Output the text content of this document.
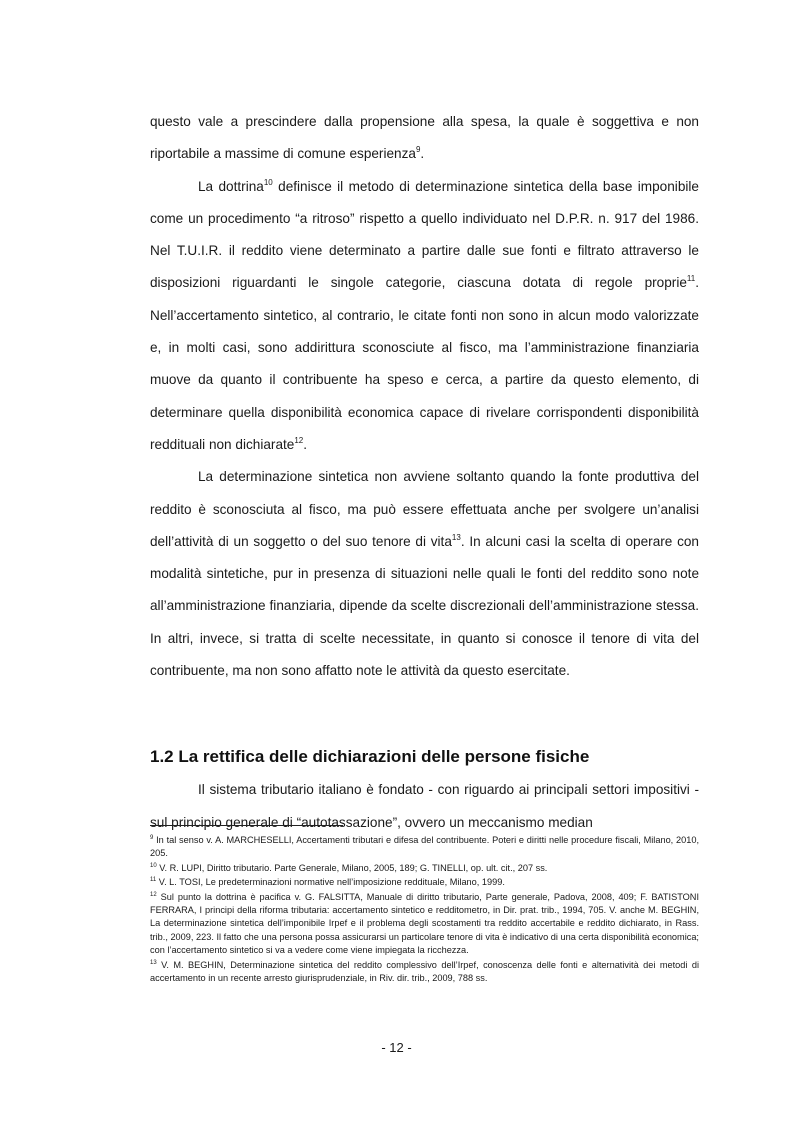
questo vale a prescindere dalla propensione alla spesa, la quale è soggettiva e non riportabile a massime di comune esperienza$^9$.

La dottrina$^{10}$ definisce il metodo di determinazione sintetica della base imponibile come un procedimento “a ritroso” rispetto a quello individuato nel D.P.R. n. 917 del 1986. Nel T.U.I.R. il reddito viene determinato a partire dalle sue fonti e filtrato attraverso le disposizioni riguardanti le singole categorie, ciascuna dotata di regole proprie$^{11}$. Nell’accertamento sintetico, al contrario, le citate fonti non sono in alcun modo valorizzate e, in molti casi, sono addirittura sconosciute al fisco, ma l’amministrazione finanziaria muove da quanto il contribuente ha speso e cerca, a partire da questo elemento, di determinare quella disponibilità economica capace di rivelare corrispondenti disponibilità reddituali non dichiarate$^{12}$.

La determinazione sintetica non avviene soltanto quando la fonte produttiva del reddito è sconosciuta al fisco, ma può essere effettuata anche per svolgere un’analisi dell’attività di un soggetto o del suo tenore di vita$^{13}$. In alcuni casi la scelta di operare con modalità sintetiche, pur in presenza di situazioni nelle quali le fonti del reddito sono note all’amministrazione finanziaria, dipende da scelte discrezionali dell’amministrazione stessa. In altri, invece, si tratta di scelte necessitate, in quanto si conosce il tenore di vita del contribuente, ma non sono affatto note le attività da questo esercitate.

1.2 La rettifica delle dichiarazioni delle persone fisiche

Il sistema tributario italiano è fondato - con riguardo ai principali settori impositivi - sul principio generale di “autotassazione”, ovvero un meccanismo median

$^9$ In tal senso v. A. MARCHESELLI, Accertamenti tributari e difesa del contribuente. Poteri e diritti nelle procedure fiscali, Milano, 2010, 205.

$^{10}$ V. R. LUPI, Diritto tributario. Parte Generale, Milano, 2005, 189; G. TINELLI, op. ult. cit., 207 ss.

$^{11}$ V. L. TOSI, Le predeterminazioni normative nell’imposizione reddituale, Milano, 1999.

$^{12}$ Sul punto la dottrina è pacifica v. G. FALSITTA, Manuale di diritto tributario, Parte generale, Padova, 2008, 409; F. BATISTONI FERRARA, I principi della riforma tributaria: accertamento sintetico e redditometro, in Dir. prat. trib., 1994, 705. V. anche M. BEGHIN, La determinazione sintetica dell’imponibile Irpef e il problema degli scostamenti tra reddito accertabile e reddito dichiarato, in Rass. trib., 2009, 223. Il fatto che una persona possa assicurarsi un particolare tenore di vita è indicativo di una certa disponibilità economica; con l’accertamento sintetico si va a vedere come viene impiegata la ricchezza.

$^{13}$ V. M. BEGHIN, Determinazione sintetica del reddito complessivo dell’Irpef, conoscenza delle fonti e alternatività dei metodi di accertamento in un recente arresto giurisprudenziale, in Riv. dir. trib., 2009, 788 ss.

- 12 -
